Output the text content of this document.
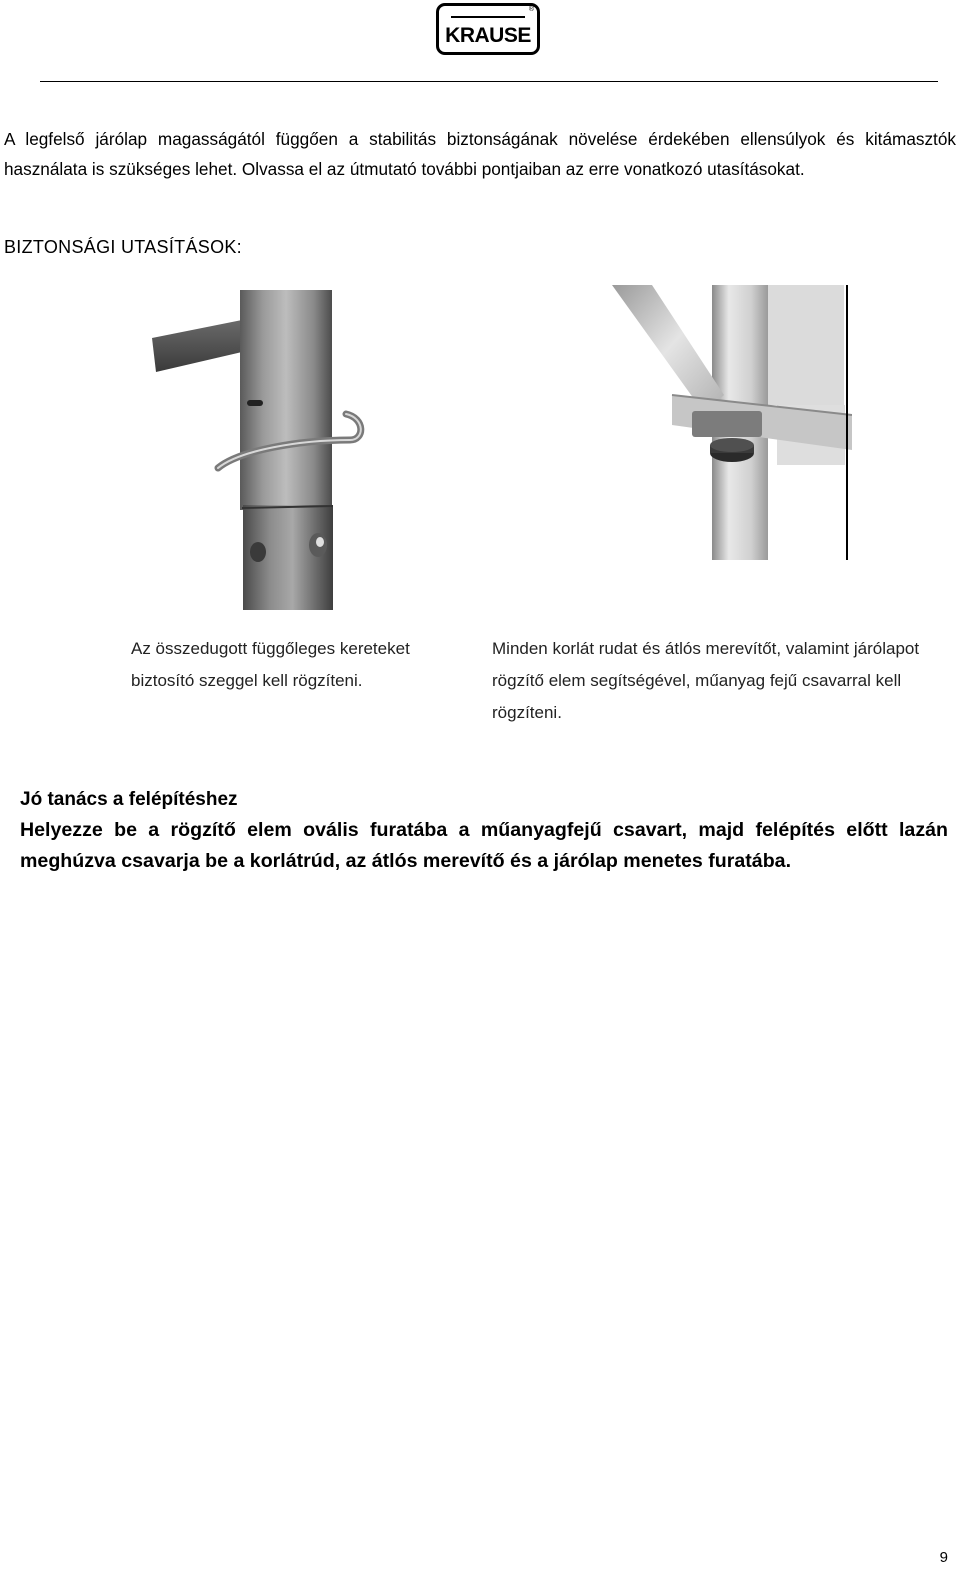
®
KRAUSE
A legfelső járólap magasságától függően a stabilitás biztonságának növelése érdekében ellensúlyok és kitámasztók használata is szükséges lehet. Olvassa el az útmutató további pontjaiban az erre vonatkozó utasításokat.
BIZTONSÁGI UTASÍTÁSOK:
Az összedugott függőleges kereteket biztosító szeggel kell rögzíteni.
Minden korlát rudat és átlós merevítőt, valamint járólapot rögzítő elem segítségével, műanyag fejű csavarral kell rögzíteni.
Jó tanács a felépítéshez
Helyezze be a rögzítő elem ovális furatába a műanyagfejű csavart, majd felépítés előtt lazán meghúzva csavarja be a korlátrúd, az átlós merevítő és a járólap menetes furatába.
9
